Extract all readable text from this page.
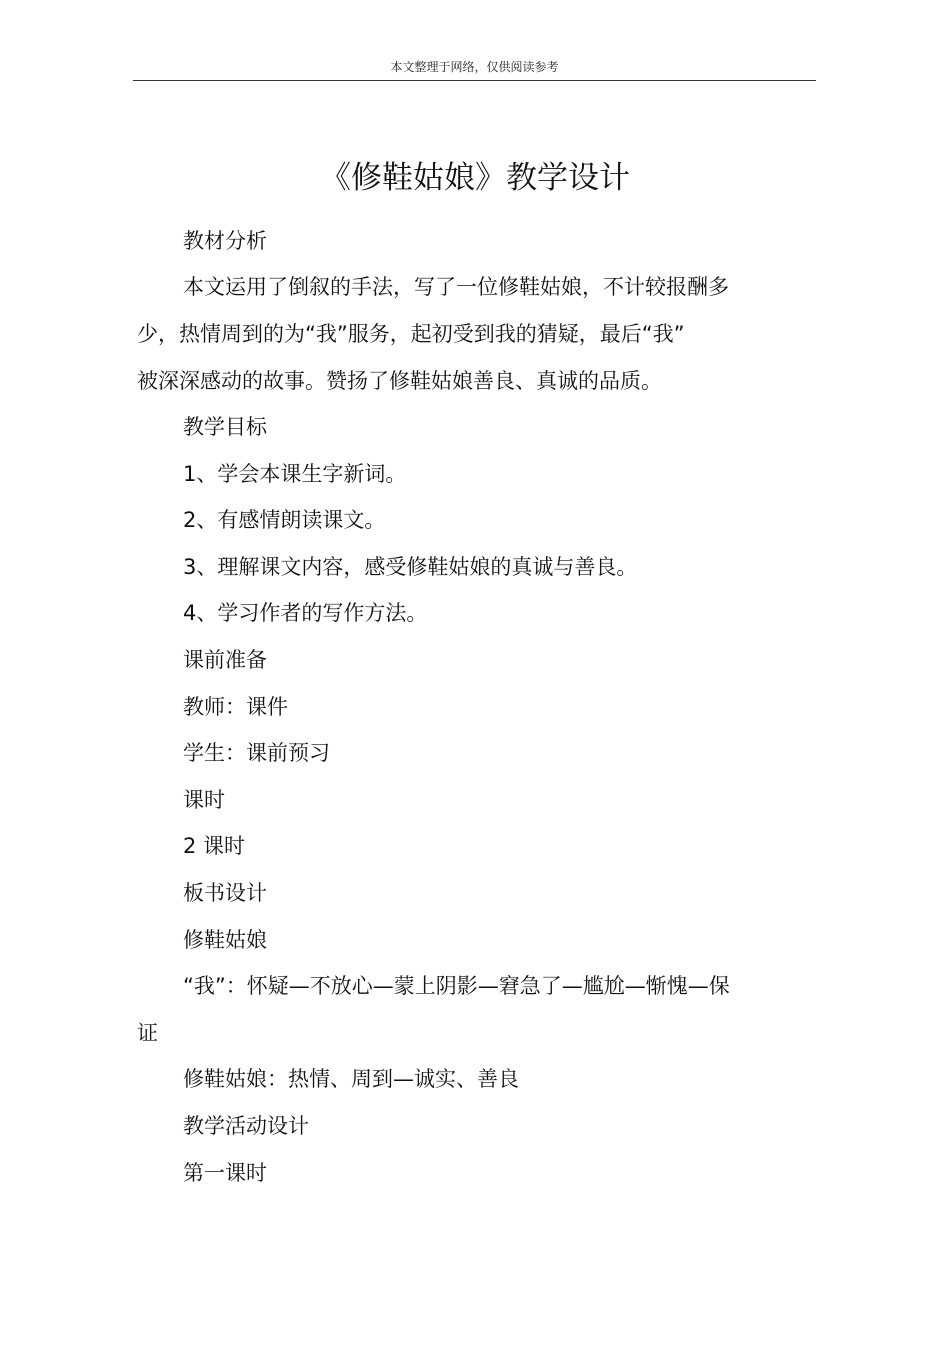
本文整理于网络，仅供阅读参考
《修鞋姑娘》教学设计
教材分析
本文运用了倒叙的手法，写了一位修鞋姑娘，不计较报酬多
少，热情周到的为“我”服务，起初受到我的猜疑，最后“我”
被深深感动的故事。赞扬了修鞋姑娘善良、真诚的品质。
教学目标
1、学会本课生字新词。
2、有感情朗读课文。
3、理解课文内容，感受修鞋姑娘的真诚与善良。
4、学习作者的写作方法。
课前准备
教师：课件
学生：课前预习
课时
2 课时
板书设计
修鞋姑娘
“我”：怀疑—不放心—蒙上阴影—窘急了—尴尬—惭愧—保
证
修鞋姑娘：热情、周到—诚实、善良
教学活动设计
第一课时
